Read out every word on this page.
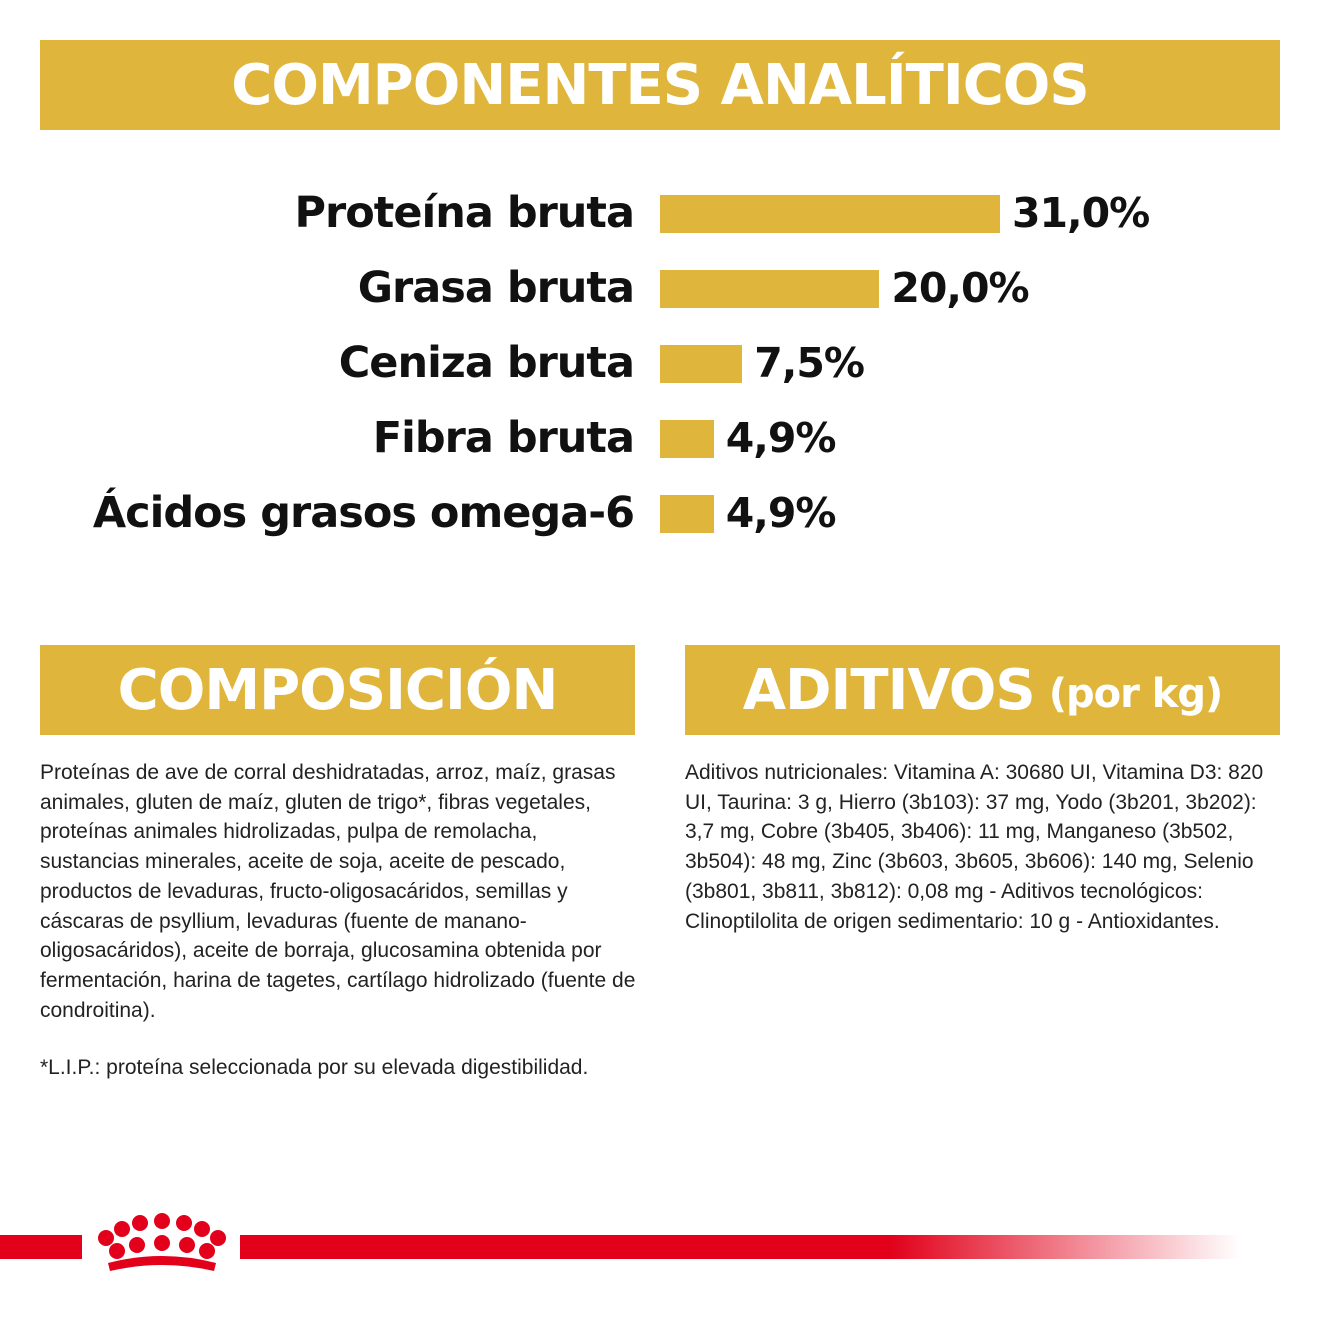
COMPONENTES ANALÍTICOS
Proteína bruta	31,0%
Grasa bruta	20,0%
Ceniza bruta	7,5%
Fibra bruta 4,9%
Ácidos grasos omega-6 4,9%
COMPOSICIÓN
Proteínas de ave de corral deshidratadas, arroz, maíz, grasas animales, gluten de maíz, gluten de trigo*, fibras vegetales, proteínas animales hidrolizadas, pulpa de remolacha, sustancias minerales, aceite de soja, aceite de pescado, productos de levaduras, fructo-oligosacáridos, semillas y cáscaras de psyllium, levaduras (fuente de manano-oligosacáridos), aceite de borraja, glucosamina obtenida por fermentación, harina de tagetes, cartílago hidrolizado (fuente de condroitina).
*L.I.P.: proteína seleccionada por su elevada digestibilidad.
ADITIVOS (por kg)
Aditivos nutricionales: Vitamina A: 30680 UI, Vitamina D3: 820 UI, Taurina: 3 g, Hierro (3b103): 37 mg, Yodo (3b201, 3b202): 3,7 mg, Cobre (3b405, 3b406): 11 mg, Manganeso (3b502, 3b504): 48 mg, Zinc (3b603, 3b605, 3b606): 140 mg, Selenio (3b801, 3b811, 3b812): 0,08 mg - Aditivos tecnológicos: Clinoptilolita de origen sedimentario: 10 g - Antioxidantes.
